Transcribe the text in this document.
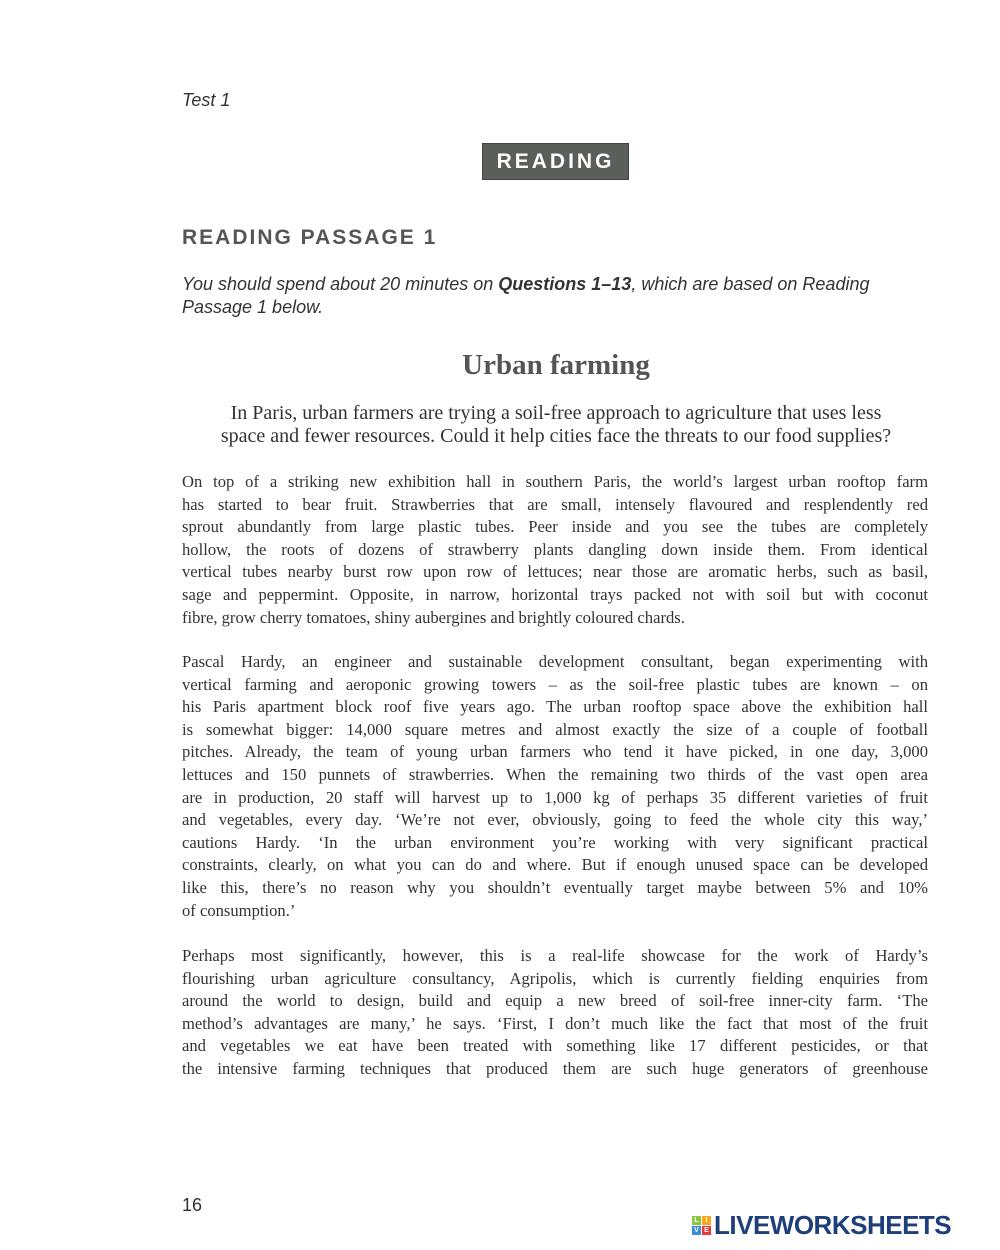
Test 1
READING
READING PASSAGE 1
You should spend about 20 minutes on Questions 1–13, which are based on Reading Passage 1 below.
Urban farming
In Paris, urban farmers are trying a soil-free approach to agriculture that uses less
space and fewer resources. Could it help cities face the threats to our food supplies?
On top of a striking new exhibition hall in southern Paris, the world’s largest urban rooftop farm
has started to bear fruit. Strawberries that are small, intensely flavoured and resplendently red
sprout abundantly from large plastic tubes. Peer inside and you see the tubes are completely
hollow, the roots of dozens of strawberry plants dangling down inside them. From identical
vertical tubes nearby burst row upon row of lettuces; near those are aromatic herbs, such as basil,
sage and peppermint. Opposite, in narrow, horizontal trays packed not with soil but with coconut
fibre, grow cherry tomatoes, shiny aubergines and brightly coloured chards.
Pascal Hardy, an engineer and sustainable development consultant, began experimenting with
vertical farming and aeroponic growing towers – as the soil-free plastic tubes are known – on
his Paris apartment block roof five years ago. The urban rooftop space above the exhibition hall
is somewhat bigger: 14,000 square metres and almost exactly the size of a couple of football
pitches. Already, the team of young urban farmers who tend it have picked, in one day, 3,000
lettuces and 150 punnets of strawberries. When the remaining two thirds of the vast open area
are in production, 20 staff will harvest up to 1,000 kg of perhaps 35 different varieties of fruit
and vegetables, every day. ‘We’re not ever, obviously, going to feed the whole city this way,’
cautions Hardy. ‘In the urban environment you’re working with very significant practical
constraints, clearly, on what you can do and where. But if enough unused space can be developed
like this, there’s no reason why you shouldn’t eventually target maybe between 5% and 10%
of consumption.’
Perhaps most significantly, however, this is a real-life showcase for the work of Hardy’s
flourishing urban agriculture consultancy, Agripolis, which is currently fielding enquiries from
around the world to design, build and equip a new breed of soil-free inner-city farm. ‘The
method’s advantages are many,’ he says. ‘First, I don’t much like the fact that most of the fruit
and vegetables we eat have been treated with something like 17 different pesticides, or that
the intensive farming techniques that produced them are such huge generators of greenhouse
16
L I
V E LIVEWORKSHEETS
